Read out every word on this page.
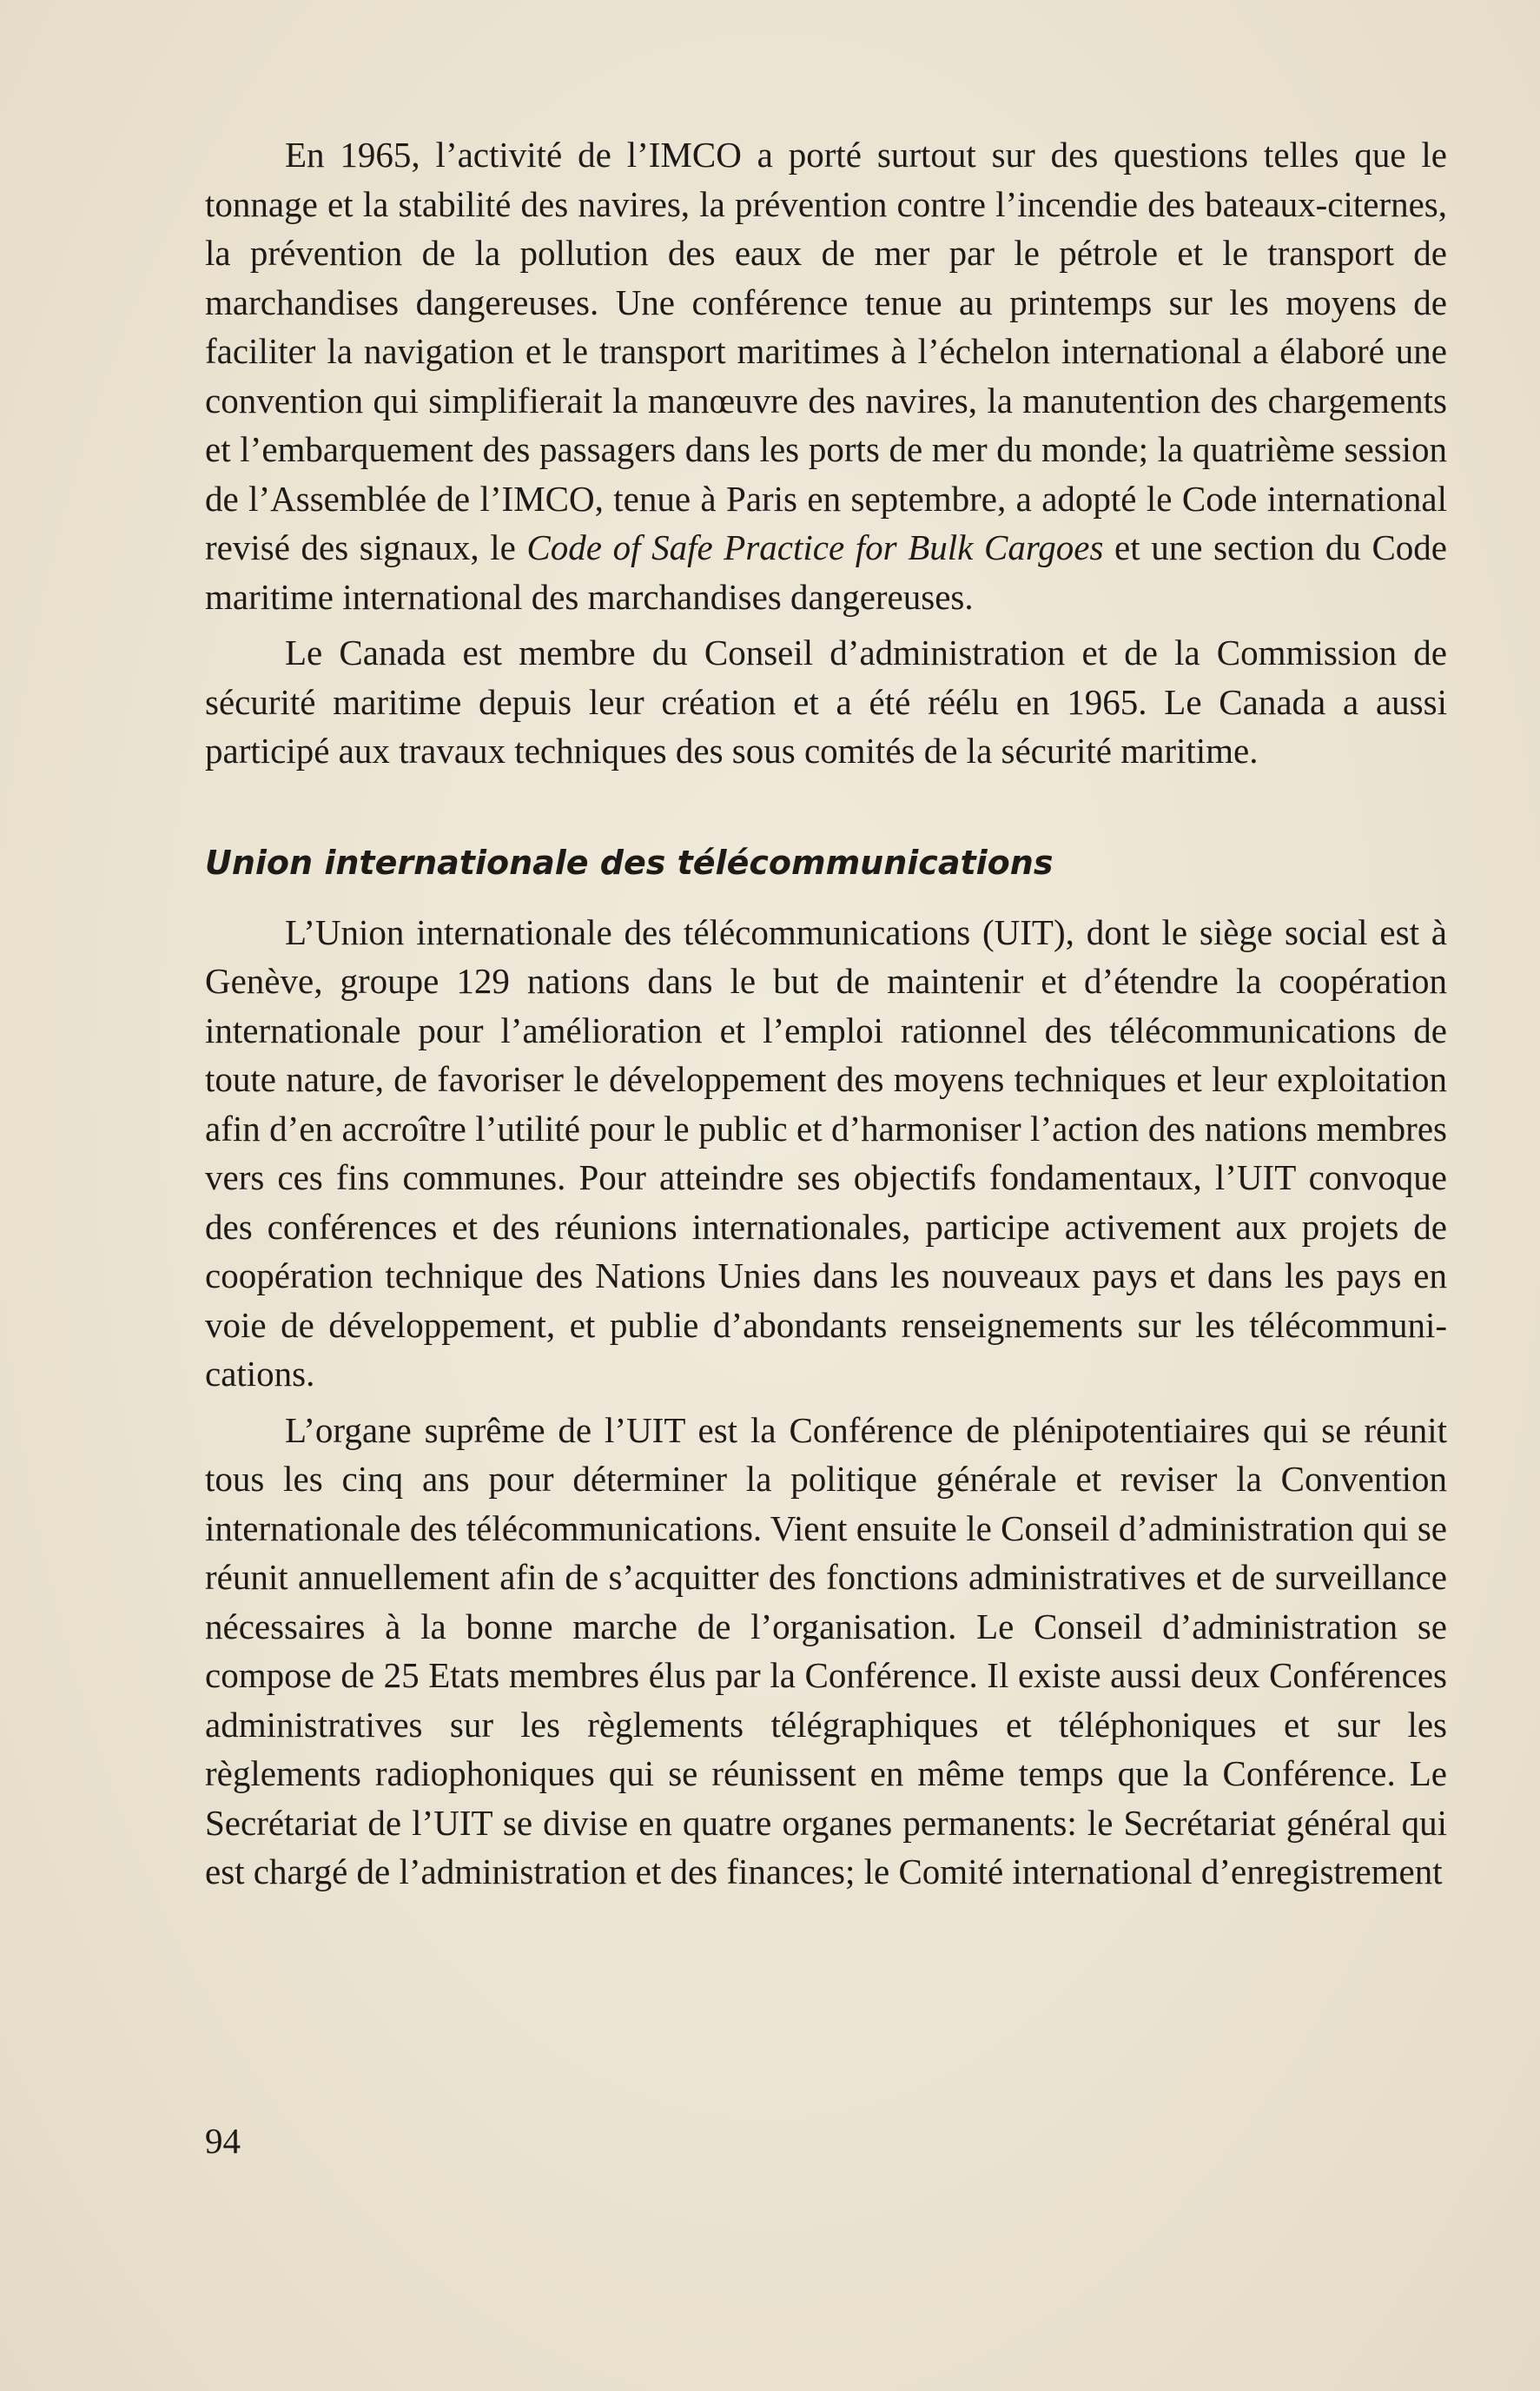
En 1965, l’activité de l’IMCO a porté surtout sur des questions telles que le tonnage et la stabilité des navires, la prévention contre l’incendie des bateaux-citernes, la prévention de la pollution des eaux de mer par le pétrole et le transport de marchandises dangereuses. Une conférence tenue au printemps sur les moyens de faciliter la navigation et le transport maritimes à l’échelon international a élaboré une convention qui simplifierait la manœuvre des navires, la manutention des chargements et l’embarquement des passagers dans les ports de mer du monde; la quatrième session de l’Assemblée de l’IMCO, tenue à Paris en septembre, a adopté le Code international revisé des signaux, le Code of Safe Practice for Bulk Cargoes et une section du Code maritime international des marchandises dangereuses.

Le Canada est membre du Conseil d’administration et de la Commission de sécurité maritime depuis leur création et a été réélu en 1965. Le Canada a aussi participé aux travaux techniques des sous comités de la sécurité maritime.

Union internationale des télécommunications

L’Union internationale des télécommunications (UIT), dont le siège social est à Genève, groupe 129 nations dans le but de maintenir et d’étendre la coopération internationale pour l’amélioration et l’emploi rationnel des télécommunications de toute nature, de favoriser le développement des moyens techniques et leur exploitation afin d’en accroître l’utilité pour le public et d’harmoniser l’action des nations membres vers ces fins communes. Pour atteindre ses objectifs fondamentaux, l’UIT convoque des conférences et des réunions internationales, participe activement aux projets de coopération technique des Nations Unies dans les nouveaux pays et dans les pays en voie de développement, et publie d’abondants renseignements sur les télécommunications.

L’organe suprême de l’UIT est la Conférence de plénipotentiaires qui se réunit tous les cinq ans pour déterminer la politique générale et reviser la Convention internationale des télécommunications. Vient ensuite le Conseil d’administration qui se réunit annuellement afin de s’acquitter des fonctions administratives et de surveillance nécessaires à la bonne marche de l’organisation. Le Conseil d’administration se compose de 25 Etats membres élus par la Conférence. Il existe aussi deux Conférences administratives sur les règlements télégraphiques et téléphoniques et sur les règlements radiophoniques qui se réunissent en même temps que la Conférence. Le Secrétariat de l’UIT se divise en quatre organes permanents: le Secrétariat général qui est chargé de l’administration et des finances; le Comité international d’enregistrement

94
